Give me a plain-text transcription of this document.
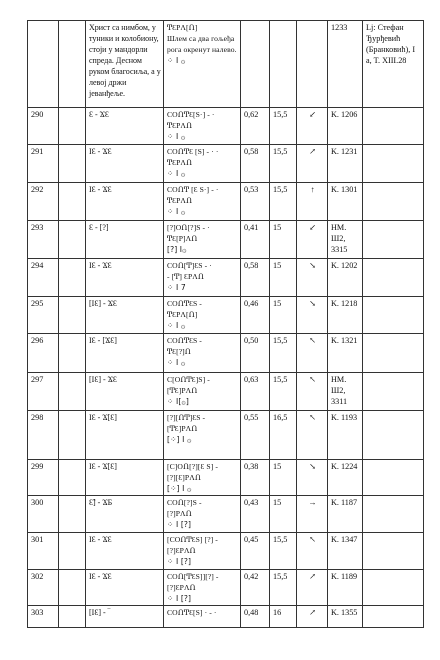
		Христ са нимбом, у туники и колобиону, стоји у мандорли спреда. Десном руком благосиља, а у левој држи јеванђеље.	ͲƐPΛ[Ո]
Шлем са два гољеђа рога окренут налево.
⁘ I ۞				1233	Lj: Стефан Ђурђевић (Бранковић), I a, T. XIII.28
290		Ɛ - ϪƐ	ϹΟՈͲƐ[S·] - ·
ͲƐPΛՈ
⁘ I ۞	0,62	15,5	↙	K. 1206	
291		IƐ - ϪƐ	ϹΟՈͲƐ [S] - · ·
ͲƐPΛՈ
⁘ I ۞	0,58	15,5	↗	K. 1231	
292		IƐ - ϪƐ	ϹΟՈͲ [Ɛ S·] - ·
ͲƐPΛՈ
⁘ I ۞	0,53	15,5	↑	K. 1301	
293		Ɛ - [?]	[?]ΟՈ[?]S - ·
ͲƐ[P]ΛՈ
[?] I۞	0,41	15	↙	HM. Ш2, 3315	
294		IƐ - ϪƐ	ϹΟՈ[Ͳ]ƐS - ·
- [Ͳ] ƐPΛՈ
⁘ I 7	0,58	15	↘	K. 1202	
295		[IƐ] - ϪƐ	ϹΟՈͲƐS -
ͲƐPΛ[Ո]
⁘ I ۞	0,46	15	↘	K. 1218	
296		IƐ - [ϪƐ]	ϹΟՈͲƐS -
ͲƐ[?]Ո
⁘ I ۞	0,50	15,5	↖	K. 1321	
297		[IƐ] - ϪƐ	Ϲ[ΟՈͲƐ]S] -
[ͲƐ]PΛՈ
⁘ I[۞]	0,63	15,5	↖	HM. Ш2, 3311	
298		IƐ - Ϫ[Ɛ]	[?][ՈͲ]ƐS -
[ͲƐ]PΛՈ
[⁘] I ۞	0,55	16,5	↖	K. 1193	
299		IƐ - Ϫ[Ɛ]	[Ϲ]ΟՈ[?][Ɛ S] -
[?][Ɛ]PΛՈ
[⁘] I ۞	0,38	15	↘	K. 1224	
300		Ɛ̃] - ϪƂ	ϹΟՈ[?]S -
[?]PΛՈ
⁘ I [?]	0,43	15	→	K. 1187	
301		IƐ - ϪƐ	[ϹΟՈͲƐS] [?] -
[?]ƐPΛՈ
⁘ I [?]	0,45	15,5	↖	K. 1347	
302		IƐ - ϪƐ	ϹΟՈ[ͲƐS]][?] -
[?]ƐPΛՈ
⁘ I [?]	0,42	15,5	↗	K. 1189	
303		[IƐ] - ‾	ϹΟՈͲƐ[S] · - ·	0,48	16	↗	K. 1355	
